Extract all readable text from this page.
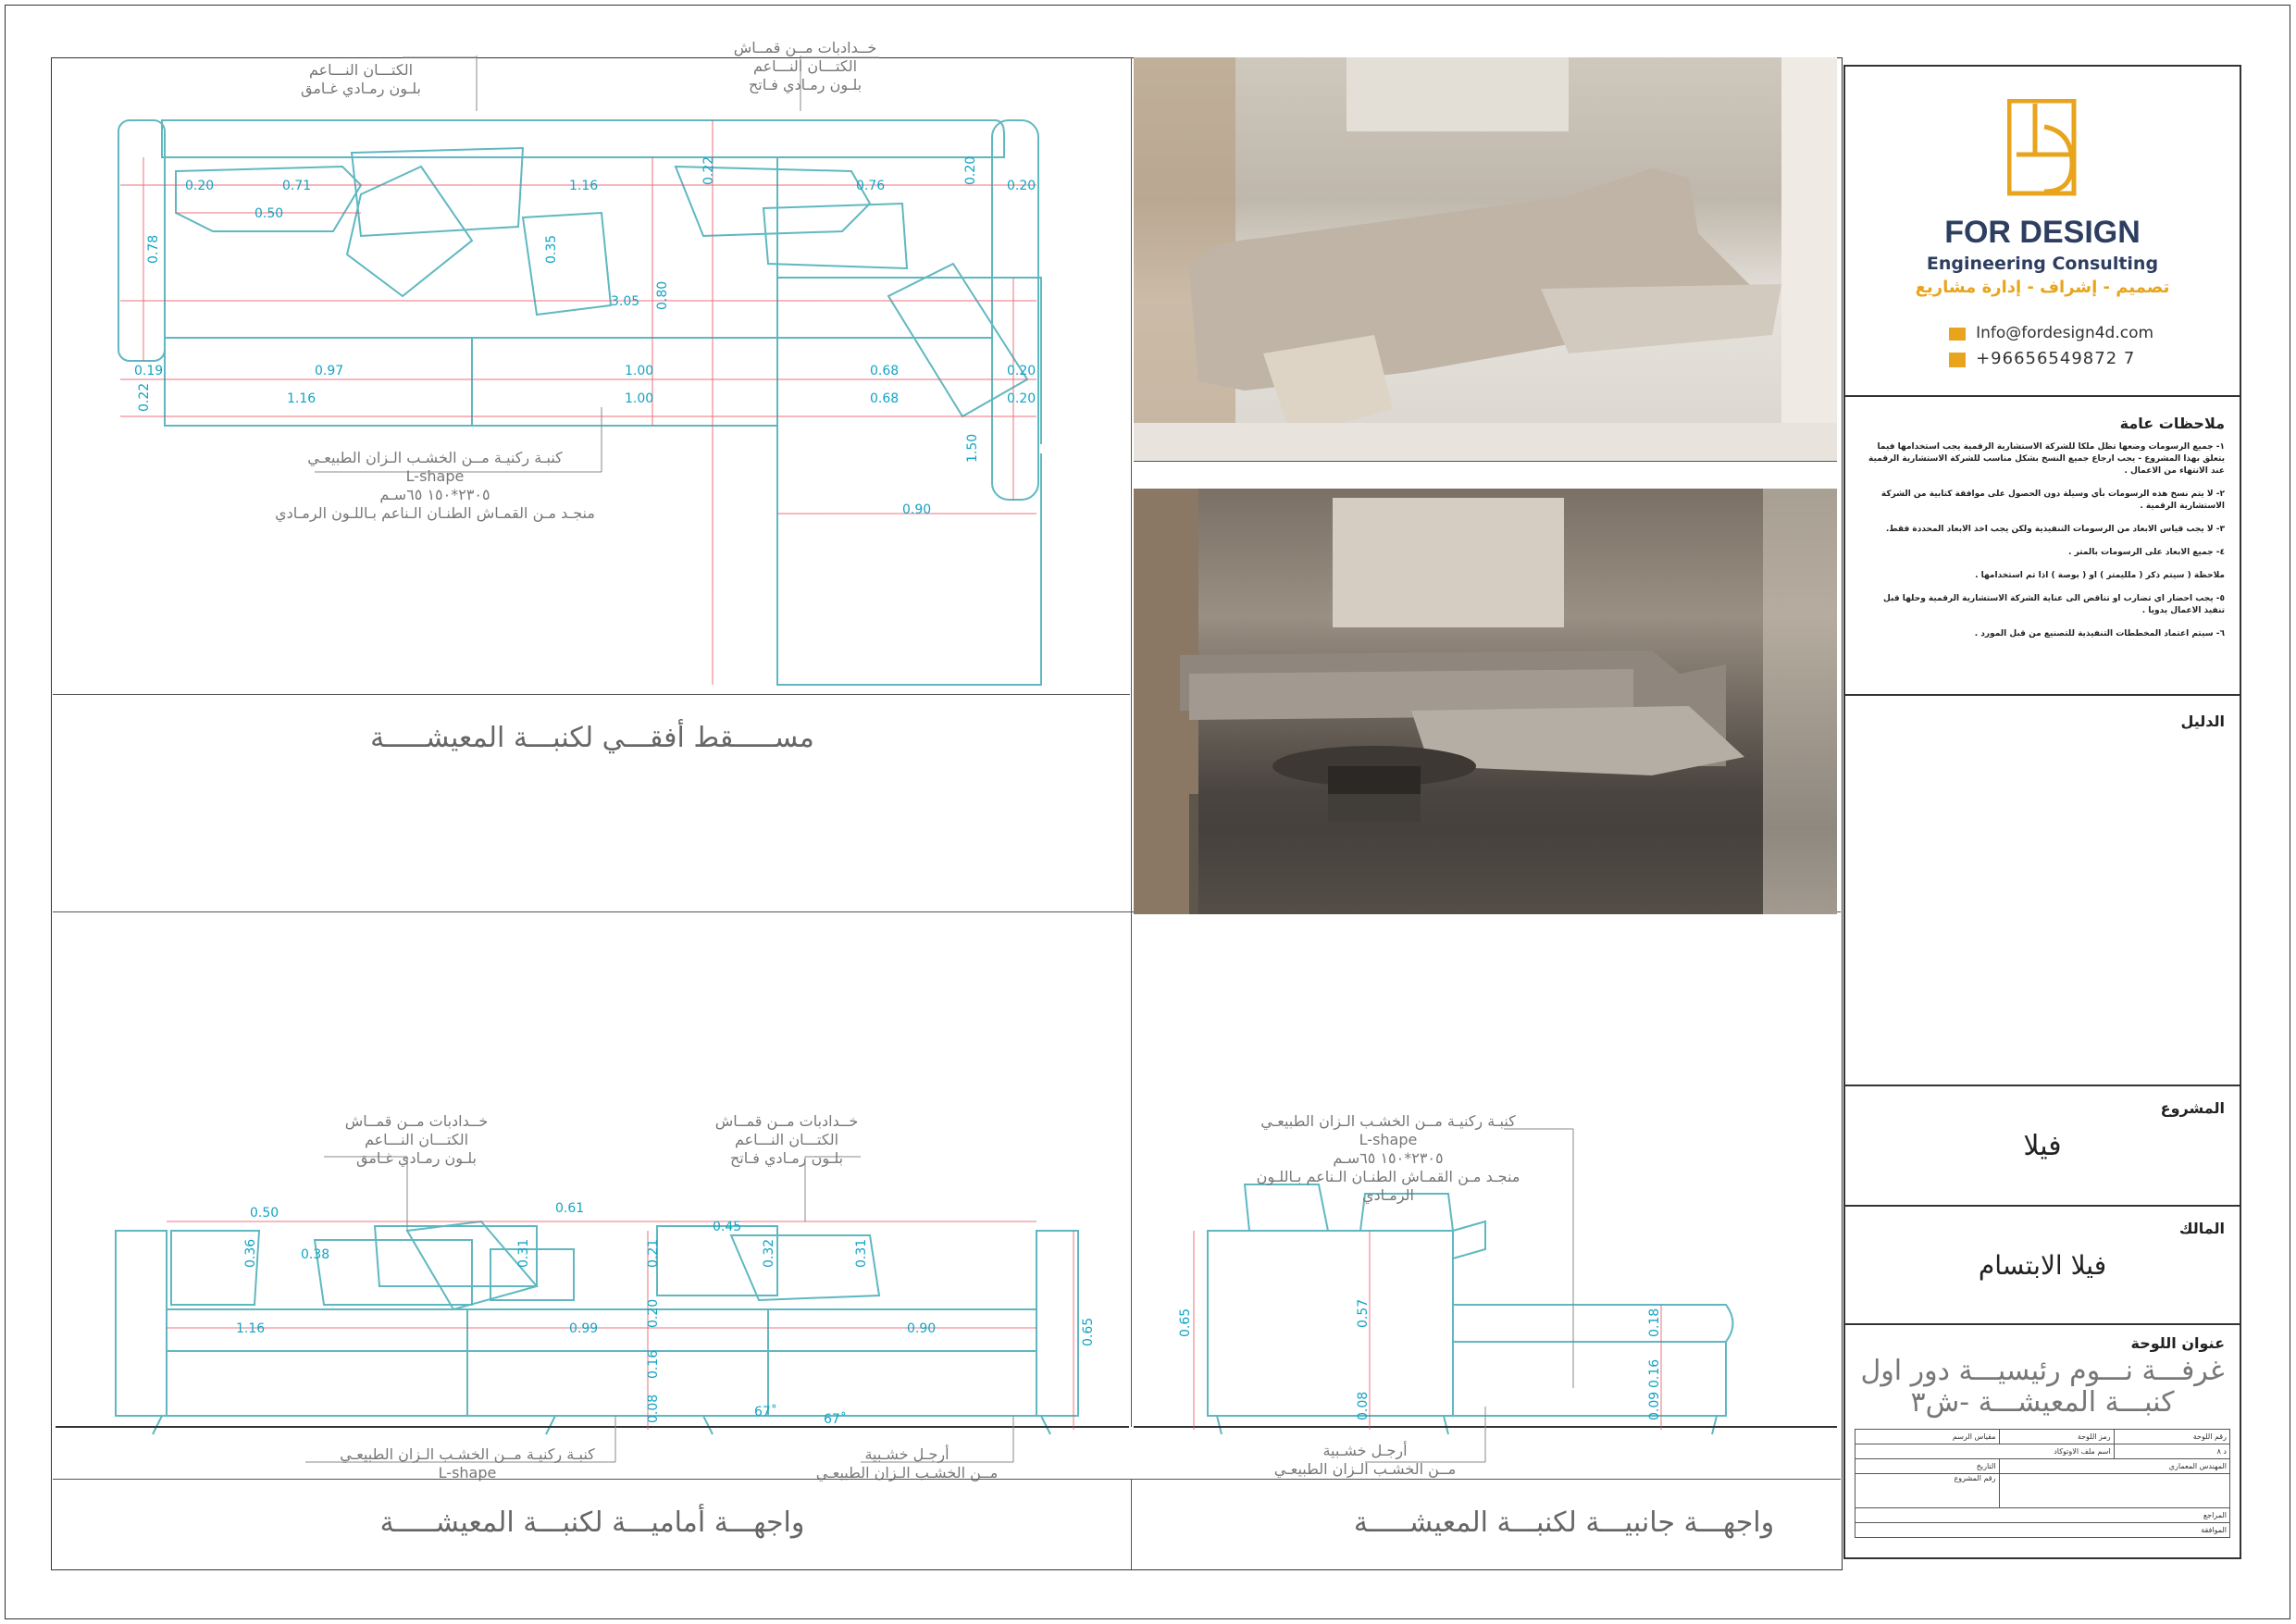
0.20	0.71	1.16	0.76	0.20
0.50
0.78
3.05
0.35
0.80
0.22	0.20
0.19	0.97	1.00	0.68	0.20
0.22	1.16	1.00	0.68	0.20
1.50
0.90
الكتـــان النـــاعم
بلـون رمـادي غـامق
خــدادبات مــن قمــاش
الكتـــان النـــاعم
بلـون رمـادي فـاتح
كنبـة ركنيـة مــن الخشـب الـزان الطبيعـي
L-shape
٢٣٠٥*١٥٠ ٦٥سـم
منجـد مـن القمـاش الطنـان الـناعم بـاللـون الرمـادي
مســـــقط أفقـــي لكنبـــة المعيشـــــة
0.50
1.16	0.99	0.90
0.61
0.45
0.38
0.36	0.31	0.21	0.32	0.31
0.20
0.16
0.08
0.65
67˚	67˚
خــدادبات مــن قمــاش
الكتـــان النـــاعم
بلـون رمـادي غـامق
خــدادبات مــن قمــاش
الكتـــان النـــاعم
بلـون رمـادي فـاتح
كنبـة ركنيـة مــن الخشـب الـزان الطبيعـي
L-shape
أرجـل خشـبية
مــن الخشـب الـزان الطبيعـي
0.65	0.57
0.08
0.18
0.16
0.09
كنبـة ركنيـة مــن الخشـب الـزان الطبيعـي
L-shape
٢٣٠٥*١٥٠ ٦٥سـم
منجـد مـن القمـاش الطنـان الـناعم بـاللـون الرمـادي
أرجـل خشـبية
مــن الخشـب الـزان الطبيعـي
واجهـــة أماميـــة لكنبـــة المعيشـــــة	واجهـــة جانبيـــة لكنبـــة المعيشـــــة
FOR DESIGN
Engineering Consulting
تصميم - إشراف - إدارة مشاريع
Info@fordesign4d.com
+96656549872 7
ملاحظات عامة

١- جميع الرسومات وضعها تظل ملكا للشركة الاستشارية الرقمية يجب استخدامها فيما يتعلق بهذا المشروع - يجب ارجاع جميع النسخ بشكل مناسب للشركة الاستشارية الرقمية عند الانتهاء من الاعمال .

٢- لا يتم نسخ هذه الرسومات بأي وسيلة دون الحصول على موافقة كتابية من الشركة الاستشارية الرقمية .

٣- لا يجب قياس الابعاد من الرسومات التنفيذية ولكن يجب اخذ الابعاد المحددة فقط.

٤- جميع الابعاد على الرسومات بالمتر .

ملاحظة ( سيتم ذكر ( ملليمتر ) او ( بوصة ) اذا تم استخدامها .

٥- يجب احضار اي تضارب او تناقض الى عناية الشركة الاستشارية الرقمية وحلها قبل تنفيذ الاعمال يدويا .

٦- سيتم اعتماد المخططات التنفيذية للتصنيع من قبل المورد .

الدليل
المشروع
فيلا
المالك
فيلا الابتسام
عنوان اللوحة
غرفـــة نـــوم رئيسيـــة دور اول
كنبـــة المعيشـــة -ش٣
رقم اللوحة	رمز اللوحة	مقياس الرسم
د ٨	اسم ملف الاوتوكاد	
المهندس المعماري		التاريخ
		رقم المشروع
المراجع		
الموافقة		
